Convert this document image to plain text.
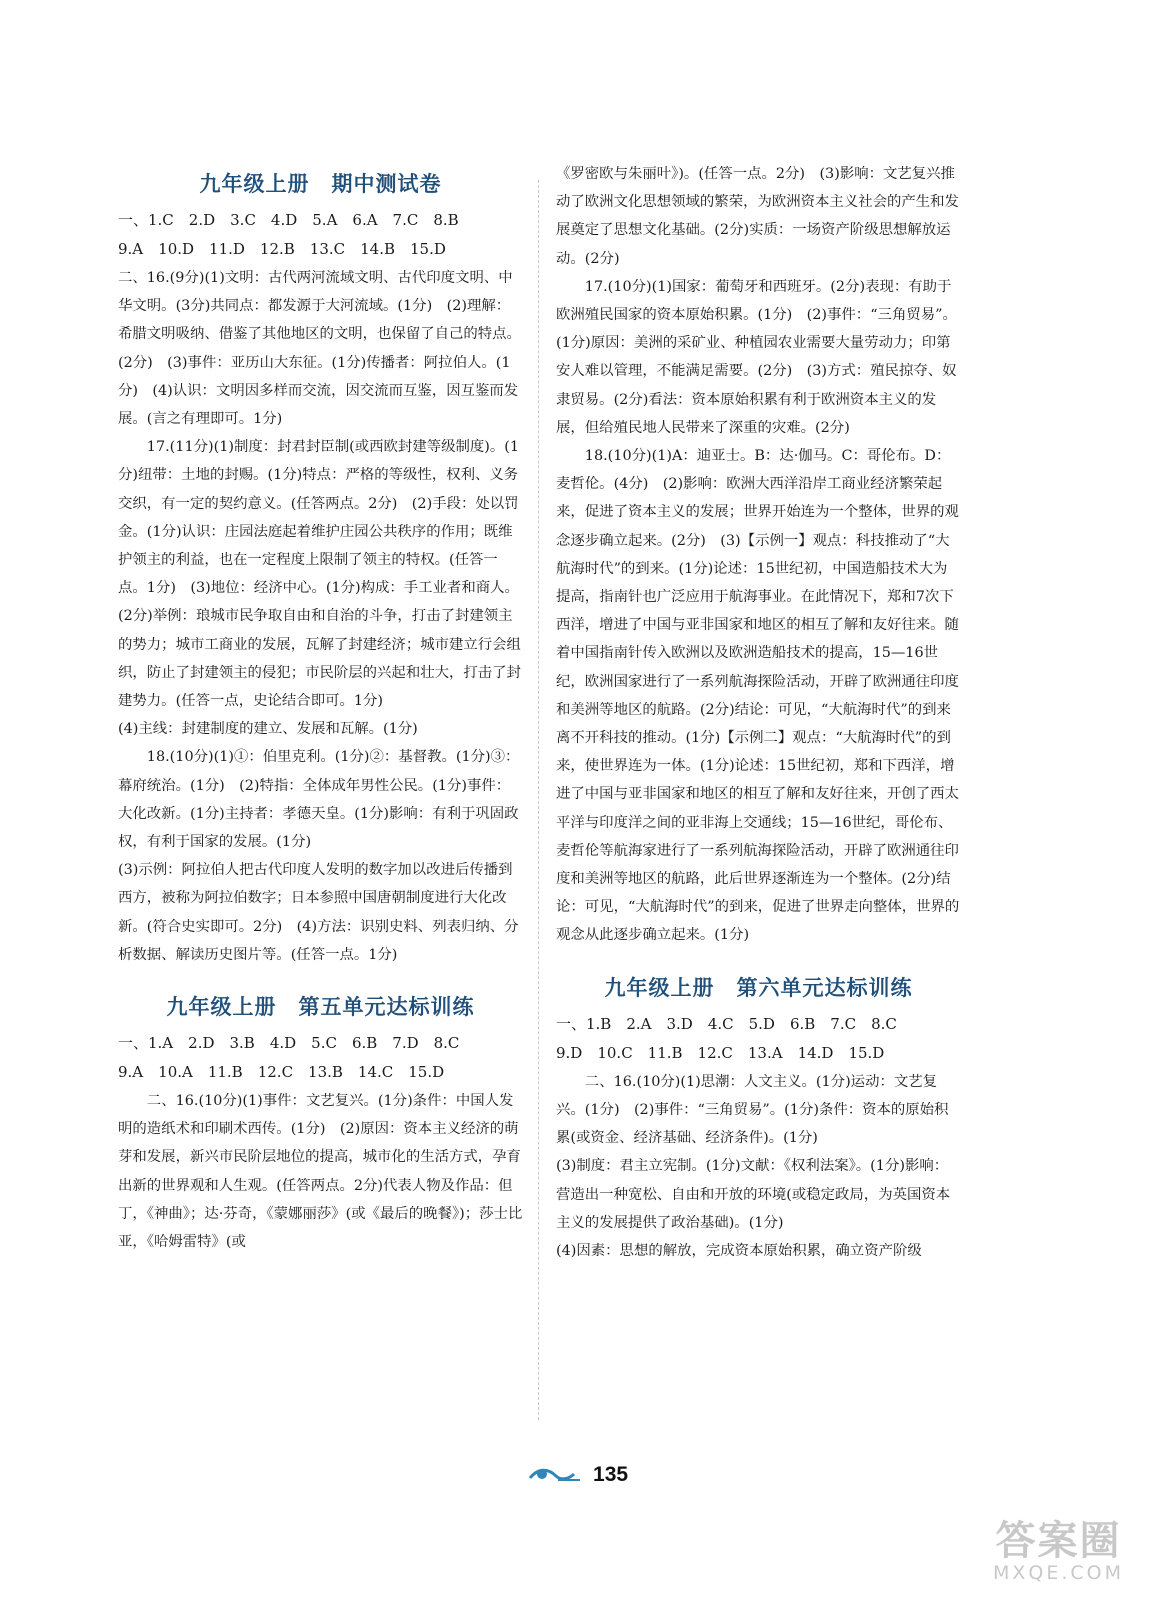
九年级上册　期中测试卷
一、1.C　2.D　3.C　4.D　5.A　6.A　7.C　8.B
9.A　10.D　11.D　12.B　13.C　14.B　15.D

二、16.(9分)(1)文明：古代两河流域文明、古代印度文明、中华文明。(3分)共同点：都发源于大河流域。(1分)　(2)理解：希腊文明吸纳、借鉴了其他地区的文明，也保留了自己的特点。(2分)　(3)事件：亚历山大东征。(1分)传播者：阿拉伯人。(1分)　(4)认识：文明因多样而交流，因交流而互鉴，因互鉴而发展。(言之有理即可。1分)

17.(11分)(1)制度：封君封臣制(或西欧封建等级制度)。(1分)纽带：土地的封赐。(1分)特点：严格的等级性，权利、义务交织，有一定的契约意义。(任答两点。2分)　(2)手段：处以罚金。(1分)认识：庄园法庭起着维护庄园公共秩序的作用；既维护领主的利益，也在一定程度上限制了领主的特权。(任答一点。1分)　(3)地位：经济中心。(1分)构成：手工业者和商人。(2分)举例：琅城市民争取自由和自治的斗争，打击了封建领主的势力；城市工商业的发展，瓦解了封建经济；城市建立行会组织，防止了封建领主的侵犯；市民阶层的兴起和壮大，打击了封建势力。(任答一点，史论结合即可。1分)

(4)主线：封建制度的建立、发展和瓦解。(1分)

18.(10分)(1)①：伯里克利。(1分)②：基督教。(1分)③：幕府统治。(1分)　(2)特指：全体成年男性公民。(1分)事件：大化改新。(1分)主持者：孝德天皇。(1分)影响：有利于巩固政权，有利于国家的发展。(1分)

(3)示例：阿拉伯人把古代印度人发明的数字加以改进后传播到西方，被称为阿拉伯数字；日本参照中国唐朝制度进行大化改新。(符合史实即可。2分)　(4)方法：识别史料、列表归纳、分析数据、解读历史图片等。(任答一点。1分)

九年级上册　第五单元达标训练
一、1.A　2.D　3.B　4.D　5.C　6.B　7.D　8.C
9.A　10.A　11.B　12.C　13.B　14.C　15.D

二、16.(10分)(1)事件：文艺复兴。(1分)条件：中国人发明的造纸术和印刷术西传。(1分)　(2)原因：资本主义经济的萌芽和发展，新兴市民阶层地位的提高，城市化的生活方式，孕育出新的世界观和人生观。(任答两点。2分)代表人物及作品：但丁，《神曲》；达·芬奇，《蒙娜丽莎》(或《最后的晚餐》)；莎士比亚，《哈姆雷特》(或

《罗密欧与朱丽叶》)。(任答一点。2分)　(3)影响：文艺复兴推动了欧洲文化思想领域的繁荣，为欧洲资本主义社会的产生和发展奠定了思想文化基础。(2分)实质：一场资产阶级思想解放运动。(2分)

17.(10分)(1)国家：葡萄牙和西班牙。(2分)表现：有助于欧洲殖民国家的资本原始积累。(1分)　(2)事件：“三角贸易”。(1分)原因：美洲的采矿业、种植园农业需要大量劳动力；印第安人难以管理，不能满足需要。(2分)　(3)方式：殖民掠夺、奴隶贸易。(2分)看法：资本原始积累有利于欧洲资本主义的发展，但给殖民地人民带来了深重的灾难。(2分)

18.(10分)(1)A：迪亚士。B：达·伽马。C：哥伦布。D：麦哲伦。(4分)　(2)影响：欧洲大西洋沿岸工商业经济繁荣起来，促进了资本主义的发展；世界开始连为一个整体，世界的观念逐步确立起来。(2分)　(3)【示例一】观点：科技推动了“大航海时代”的到来。(1分)论述：15世纪初，中国造船技术大为提高，指南针也广泛应用于航海事业。在此情况下，郑和7次下西洋，增进了中国与亚非国家和地区的相互了解和友好往来。随着中国指南针传入欧洲以及欧洲造船技术的提高，15—16世纪，欧洲国家进行了一系列航海探险活动，开辟了欧洲通往印度和美洲等地区的航路。(2分)结论：可见，“大航海时代”的到来离不开科技的推动。(1分)【示例二】观点：“大航海时代”的到来，使世界连为一体。(1分)论述：15世纪初，郑和下西洋，增进了中国与亚非国家和地区的相互了解和友好往来，开创了西太平洋与印度洋之间的亚非海上交通线；15—16世纪，哥伦布、麦哲伦等航海家进行了一系列航海探险活动，开辟了欧洲通往印度和美洲等地区的航路，此后世界逐渐连为一个整体。(2分)结论：可见，“大航海时代”的到来，促进了世界走向整体，世界的观念从此逐步确立起来。(1分)

九年级上册　第六单元达标训练
一、1.B　2.A　3.D　4.C　5.D　6.B　7.C　8.C
9.D　10.C　11.B　12.C　13.A　14.D　15.D

二、16.(10分)(1)思潮：人文主义。(1分)运动：文艺复兴。(1分)　(2)事件：“三角贸易”。(1分)条件：资本的原始积累(或资金、经济基础、经济条件)。(1分)

(3)制度：君主立宪制。(1分)文献：《权利法案》。(1分)影响：营造出一种宽松、自由和开放的环境(或稳定政局，为英国资本主义的发展提供了政治基础)。(1分)

(4)因素：思想的解放，完成资本原始积累，确立资产阶级

135
答案圈
MXQE.COM
